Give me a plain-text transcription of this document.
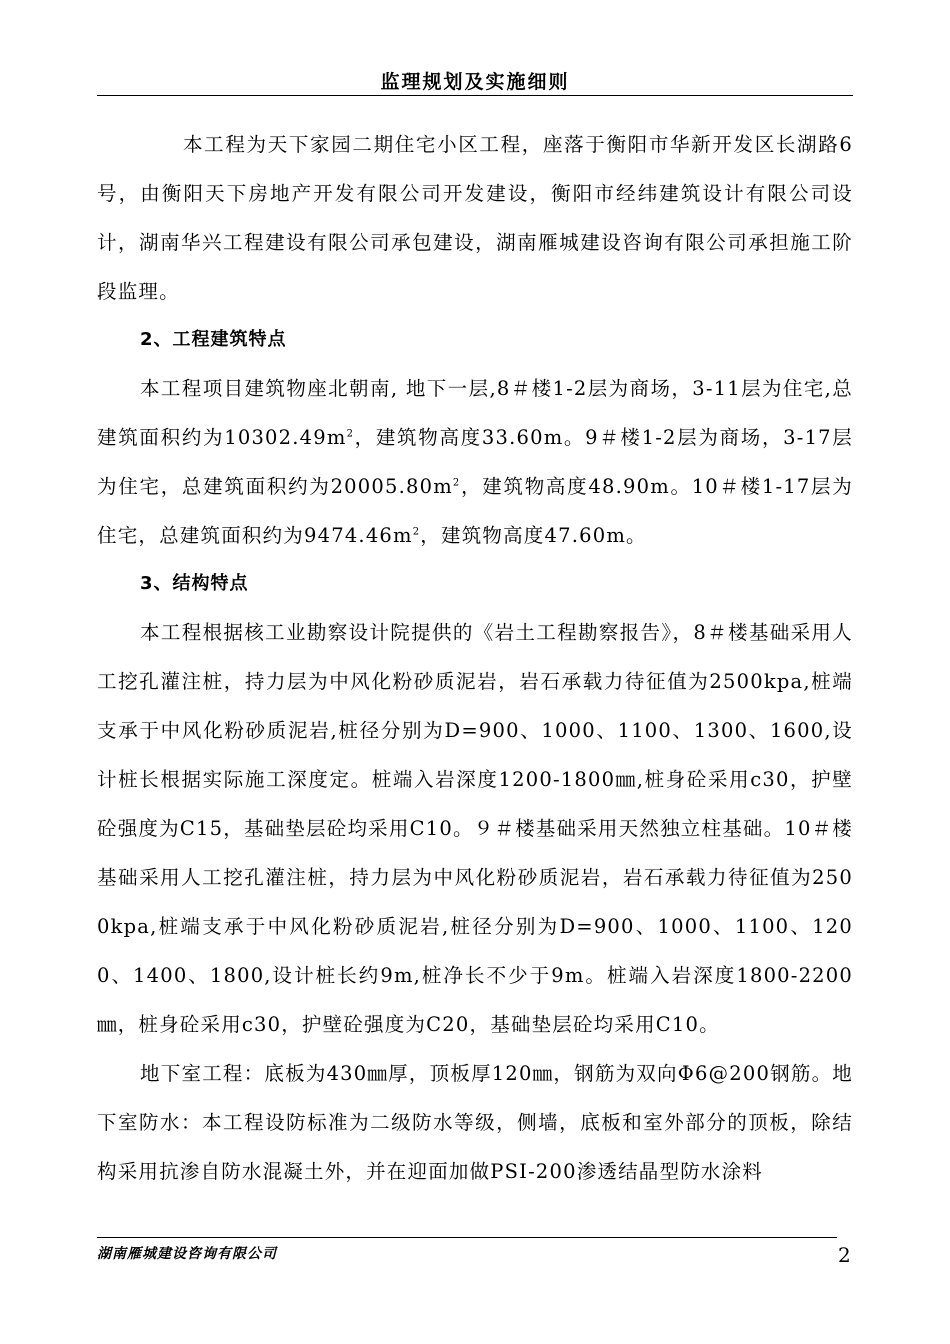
监理规划及实施细则

本工程为天下家园二期住宅小区工程，座落于衡阳市华新开发区长湖路6号，由衡阳天下房地产开发有限公司开发建设，衡阳市经纬建筑设计有限公司设计，湖南华兴工程建设有限公司承包建设，湖南雁城建设咨询有限公司承担施工阶段监理。

2、工程建筑特点

本工程项目建筑物座北朝南, 地下一层,8＃楼1-2层为商场，3-11层为住宅,总建筑面积约为$10302.49m^2$，建筑物高度33.60m。9＃楼1-2层为商场，3-17层为住宅，总建筑面积约为$20005.80m^2$，建筑物高度48.90m。10＃楼1-17层为住宅，总建筑面积约为$9474.46m^2$，建筑物高度47.60m。

3、结构特点

本工程根据核工业勘察设计院提供的《岩土工程勘察报告》，8＃楼基础采用人工挖孔灌注桩，持力层为中风化粉砂质泥岩，岩石承载力待征值为2500kpa,桩端支承于中风化粉砂质泥岩,桩径分别为D=900、1000、1100、1300、1600,设计桩长根据实际施工深度定。桩端入岩深度1200-1800㎜,桩身砼采用c30，护壁砼强度为C15，基础垫层砼均采用C10。９＃楼基础采用天然独立柱基础。10＃楼基础采用人工挖孔灌注桩，持力层为中风化粉砂质泥岩，岩石承载力待征值为2500kpa,桩端支承于中风化粉砂质泥岩,桩径分别为D=900、1000、1100、1200、1400、1800,设计桩长约9m,桩净长不少于9m。桩端入岩深度1800-2200㎜，桩身砼采用c30，护壁砼强度为C20，基础垫层砼均采用C10。

地下室工程：底板为430㎜厚，顶板厚120㎜，钢筋为双向Φ6@200钢筋。地下室防水：本工程设防标准为二级防水等级，侧墙，底板和室外部分的顶板，除结构采用抗渗自防水混凝土外，并在迎面加做PSI-200渗透结晶型防水涂料

湖南雁城建设咨询有限公司	2
